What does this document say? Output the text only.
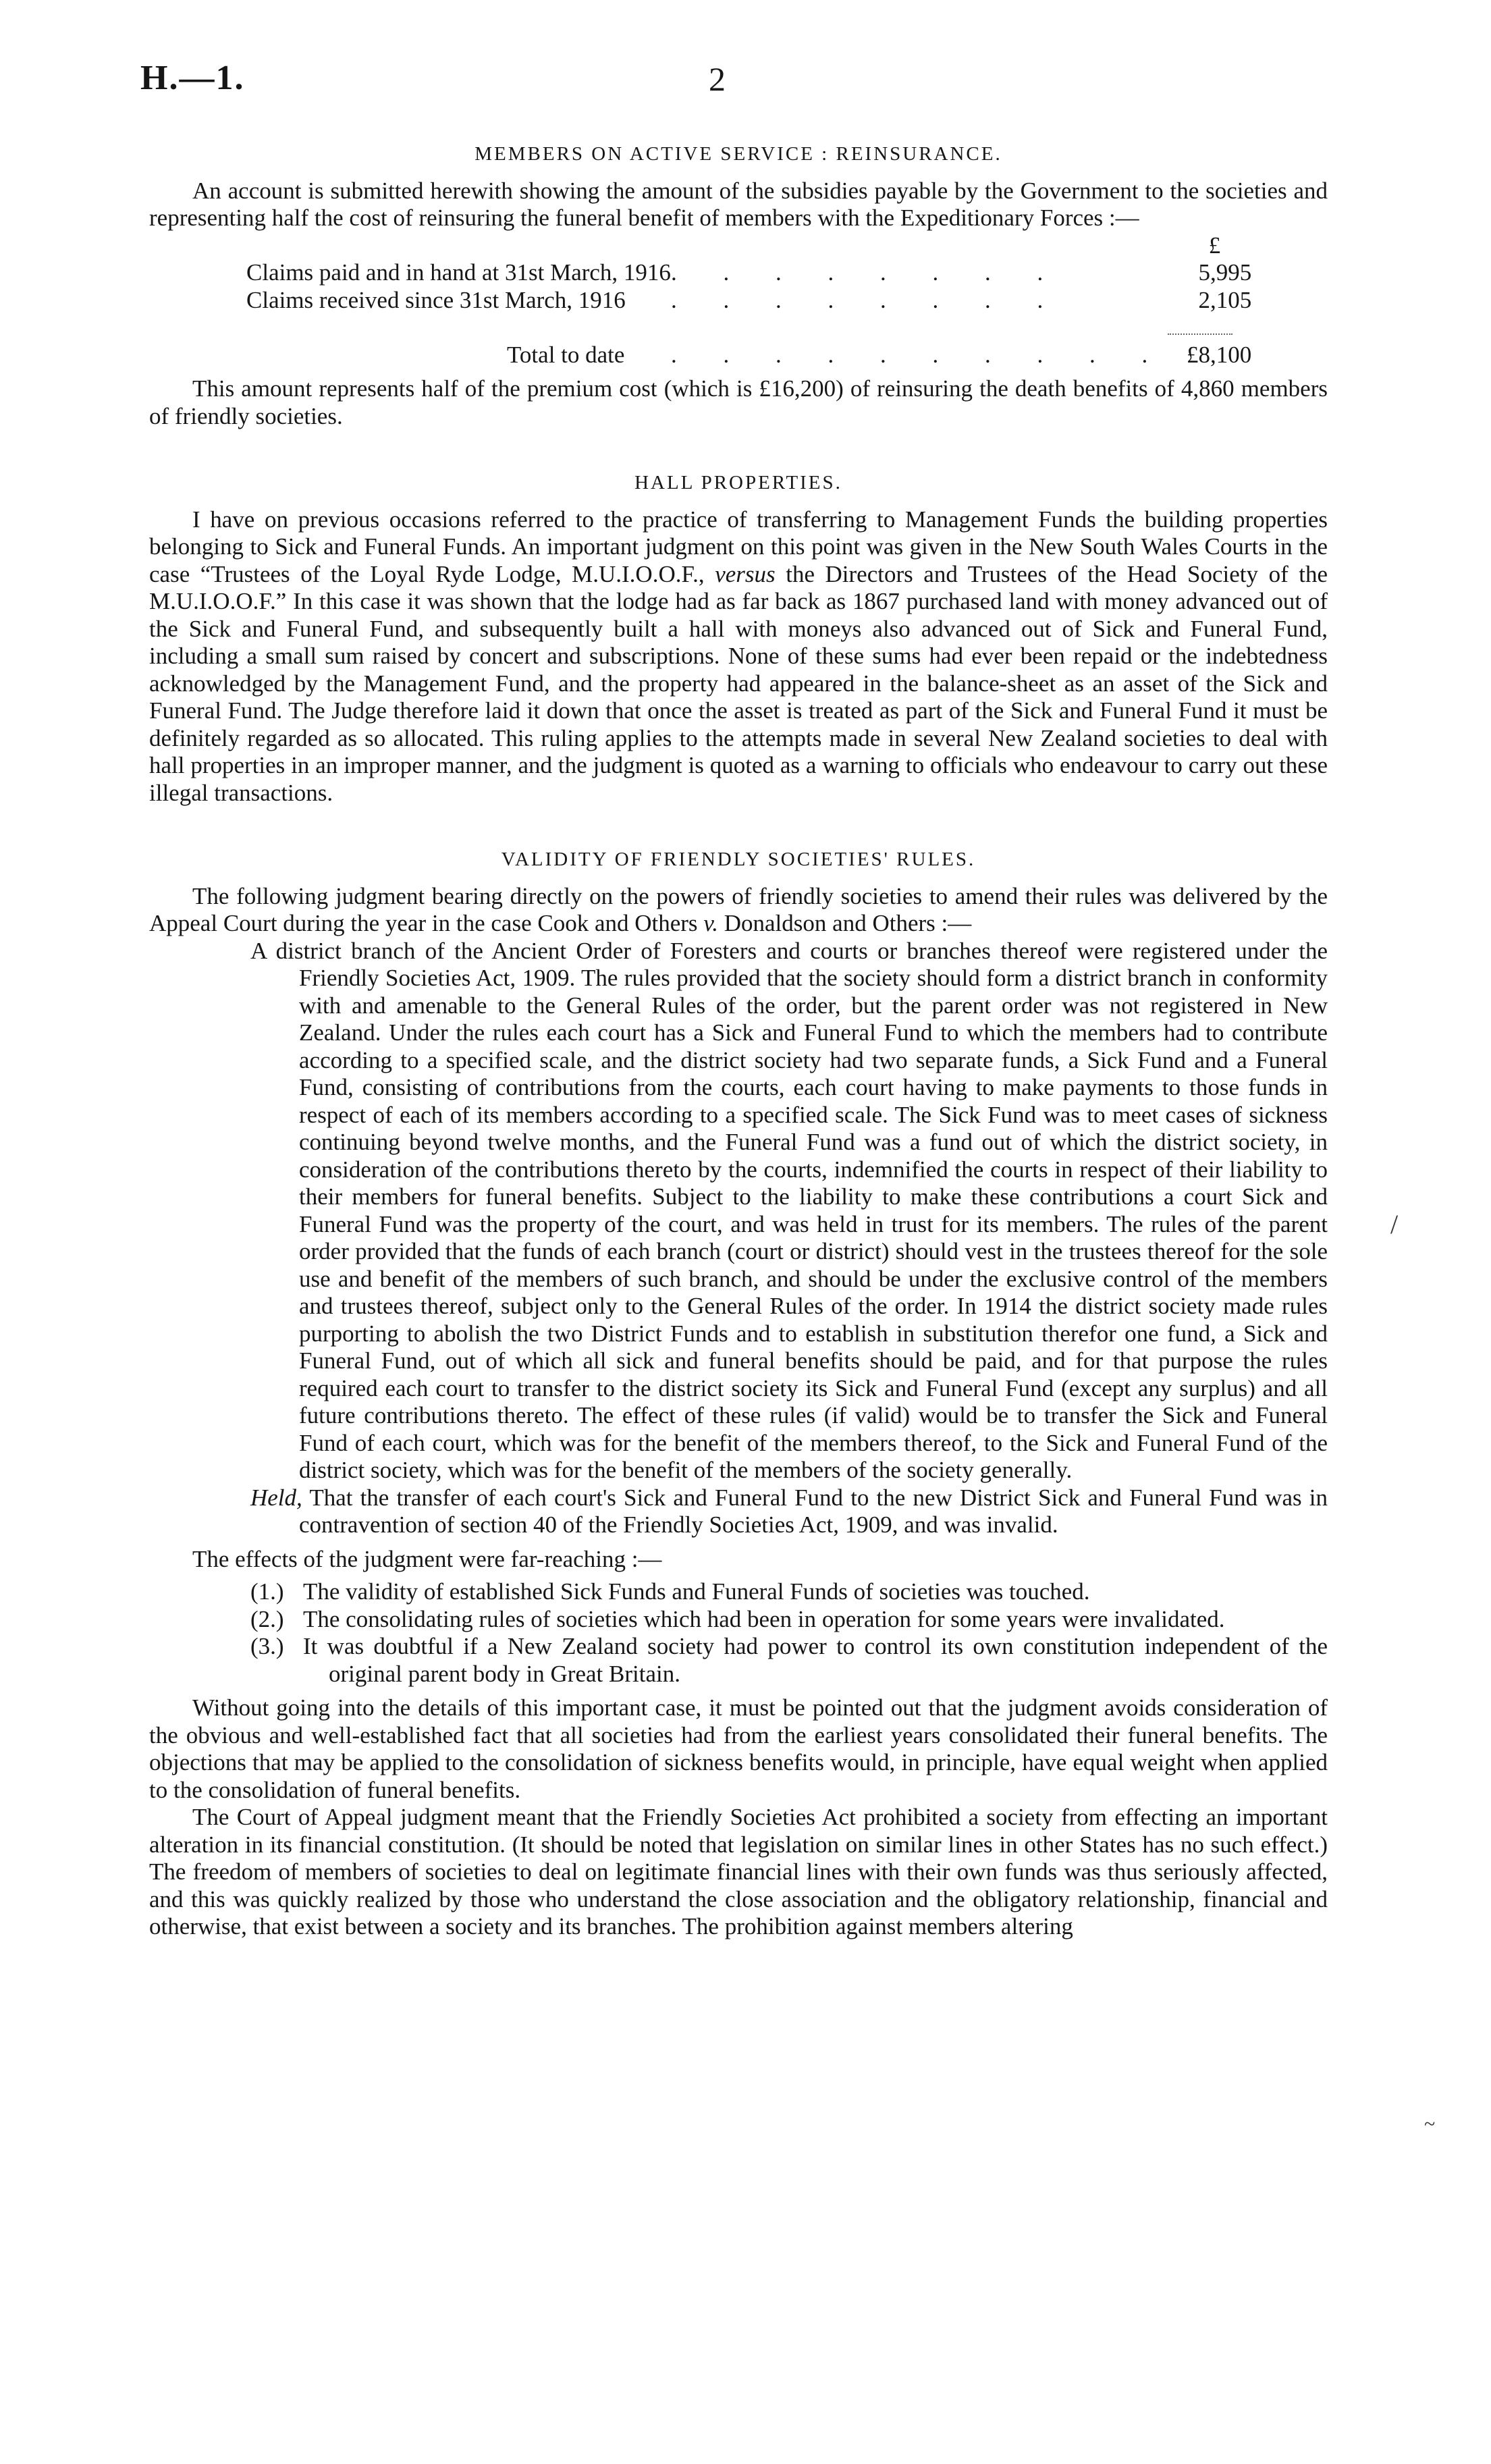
H.—1.	2
/
~
MEMBERS ON ACTIVE SERVICE : REINSURANCE.

An account is submitted herewith showing the amount of the subsidies payable by the Government to the societies and representing half the cost of reinsuring the funeral benefit of members with the Expeditionary Forces :—

		£
Claims paid and in hand at 31st March, 1916	. . . . . . . .	5,995
Claims received since 31st March, 1916	. . . . . . . .	2,105

Total to date	. . . . . . . . . .	£8,100

This amount represents half of the premium cost (which is £16,200) of reinsuring the death benefits of 4,860 members of friendly societies.

HALL PROPERTIES.

I have on previous occasions referred to the practice of transferring to Management Funds the building properties belonging to Sick and Funeral Funds. An important judgment on this point was given in the New South Wales Courts in the case “Trustees of the Loyal Ryde Lodge, M.U.I.O.O.F., versus the Directors and Trustees of the Head Society of the M.U.I.O.O.F.” In this case it was shown that the lodge had as far back as 1867 purchased land with money advanced out of the Sick and Funeral Fund, and subsequently built a hall with moneys also advanced out of Sick and Funeral Fund, including a small sum raised by concert and subscriptions. None of these sums had ever been repaid or the indebtedness acknowledged by the Management Fund, and the property had appeared in the balance-sheet as an asset of the Sick and Funeral Fund. The Judge therefore laid it down that once the asset is treated as part of the Sick and Funeral Fund it must be definitely regarded as so allocated. This ruling applies to the attempts made in several New Zealand societies to deal with hall properties in an improper manner, and the judgment is quoted as a warning to officials who endeavour to carry out these illegal transactions.

VALIDITY OF FRIENDLY SOCIETIES' RULES.

The following judgment bearing directly on the powers of friendly societies to amend their rules was delivered by the Appeal Court during the year in the case Cook and Others v. Donaldson and Others :—

A district branch of the Ancient Order of Foresters and courts or branches thereof were registered under the Friendly Societies Act, 1909. The rules provided that the society should form a district branch in conformity with and amenable to the General Rules of the order, but the parent order was not registered in New Zealand. Under the rules each court has a Sick and Funeral Fund to which the members had to contribute according to a specified scale, and the district society had two separate funds, a Sick Fund and a Funeral Fund, consisting of contributions from the courts, each court having to make payments to those funds in respect of each of its members according to a specified scale. The Sick Fund was to meet cases of sickness continuing beyond twelve months, and the Funeral Fund was a fund out of which the district society, in consideration of the contributions thereto by the courts, indemnified the courts in respect of their liability to their members for funeral benefits. Subject to the liability to make these contributions a court Sick and Funeral Fund was the property of the court, and was held in trust for its members. The rules of the parent order provided that the funds of each branch (court or district) should vest in the trustees thereof for the sole use and benefit of the members of such branch, and should be under the exclusive control of the members and trustees thereof, subject only to the General Rules of the order. In 1914 the district society made rules purporting to abolish the two District Funds and to establish in substitution therefor one fund, a Sick and Funeral Fund, out of which all sick and funeral benefits should be paid, and for that purpose the rules required each court to transfer to the district society its Sick and Funeral Fund (except any surplus) and all future contributions thereto. The effect of these rules (if valid) would be to transfer the Sick and Funeral Fund of each court, which was for the benefit of the members thereof, to the Sick and Funeral Fund of the district society, which was for the benefit of the members of the society generally.

Held, That the transfer of each court's Sick and Funeral Fund to the new District Sick and Funeral Fund was in contravention of section 40 of the Friendly Societies Act, 1909, and was invalid.

The effects of the judgment were far-reaching :—

(1.) The validity of established Sick Funds and Funeral Funds of societies was touched.
(2.) The consolidating rules of societies which had been in operation for some years were invalidated.
(3.) It was doubtful if a New Zealand society had power to control its own constitution independent of the original parent body in Great Britain.

Without going into the details of this important case, it must be pointed out that the judgment avoids consideration of the obvious and well-established fact that all societies had from the earliest years consolidated their funeral benefits. The objections that may be applied to the consolidation of sickness benefits would, in principle, have equal weight when applied to the consolidation of funeral benefits.

The Court of Appeal judgment meant that the Friendly Societies Act prohibited a society from effecting an important alteration in its financial constitution. (It should be noted that legislation on similar lines in other States has no such effect.) The freedom of members of societies to deal on legitimate financial lines with their own funds was thus seriously affected, and this was quickly realized by those who understand the close association and the obligatory relationship, financial and otherwise, that exist between a society and its branches. The prohibition against members altering
